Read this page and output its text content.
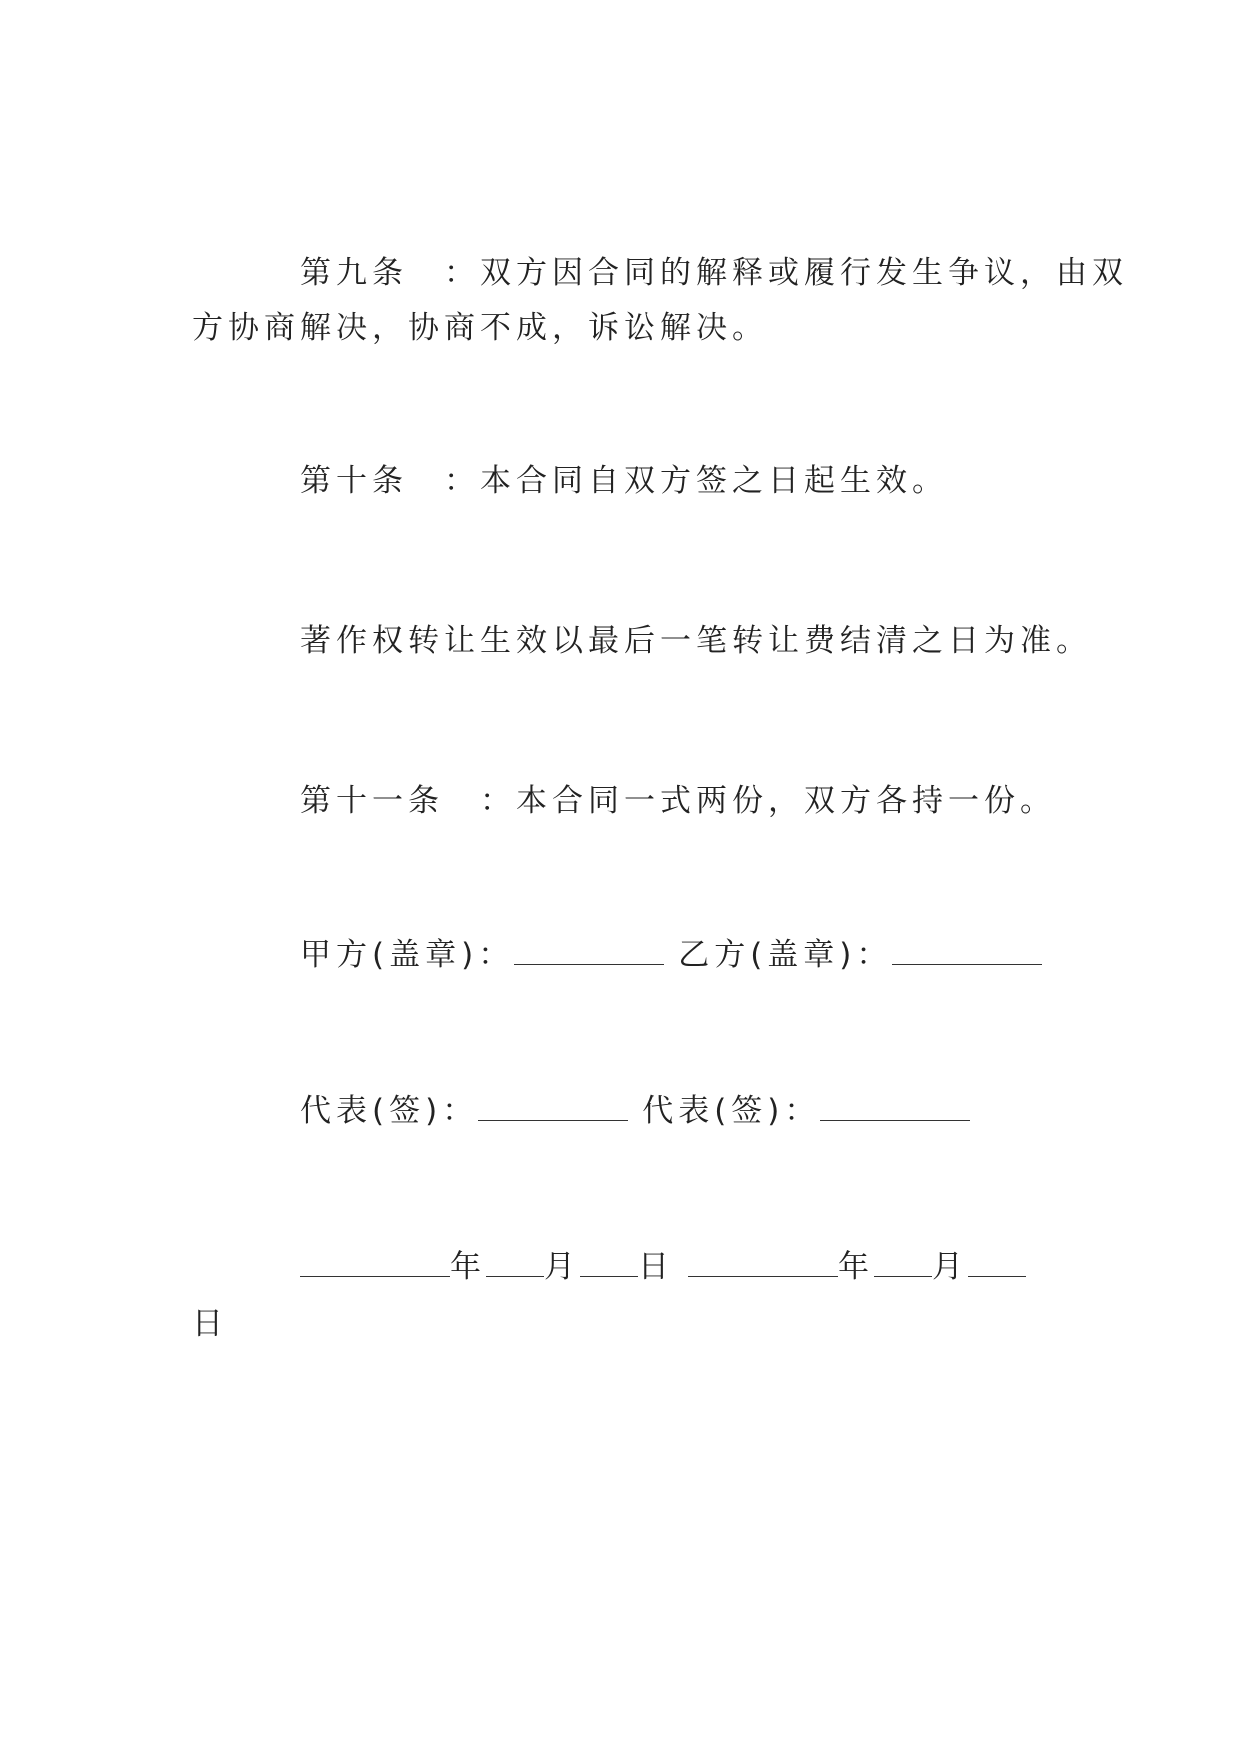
第九条 ：双方因合同的解释或履行发生争议，由双
方协商解决，协商不成，诉讼解决。
第十条 ：本合同自双方签之日起生效。
著作权转让生效以最后一笔转让费结清之日为准。
第十一条 ：本合同一式两份，双方各持一份。
甲方(盖章)：	乙方(盖章)：
代表(签)：	代表(签)：
年 月 日	年 月
日
